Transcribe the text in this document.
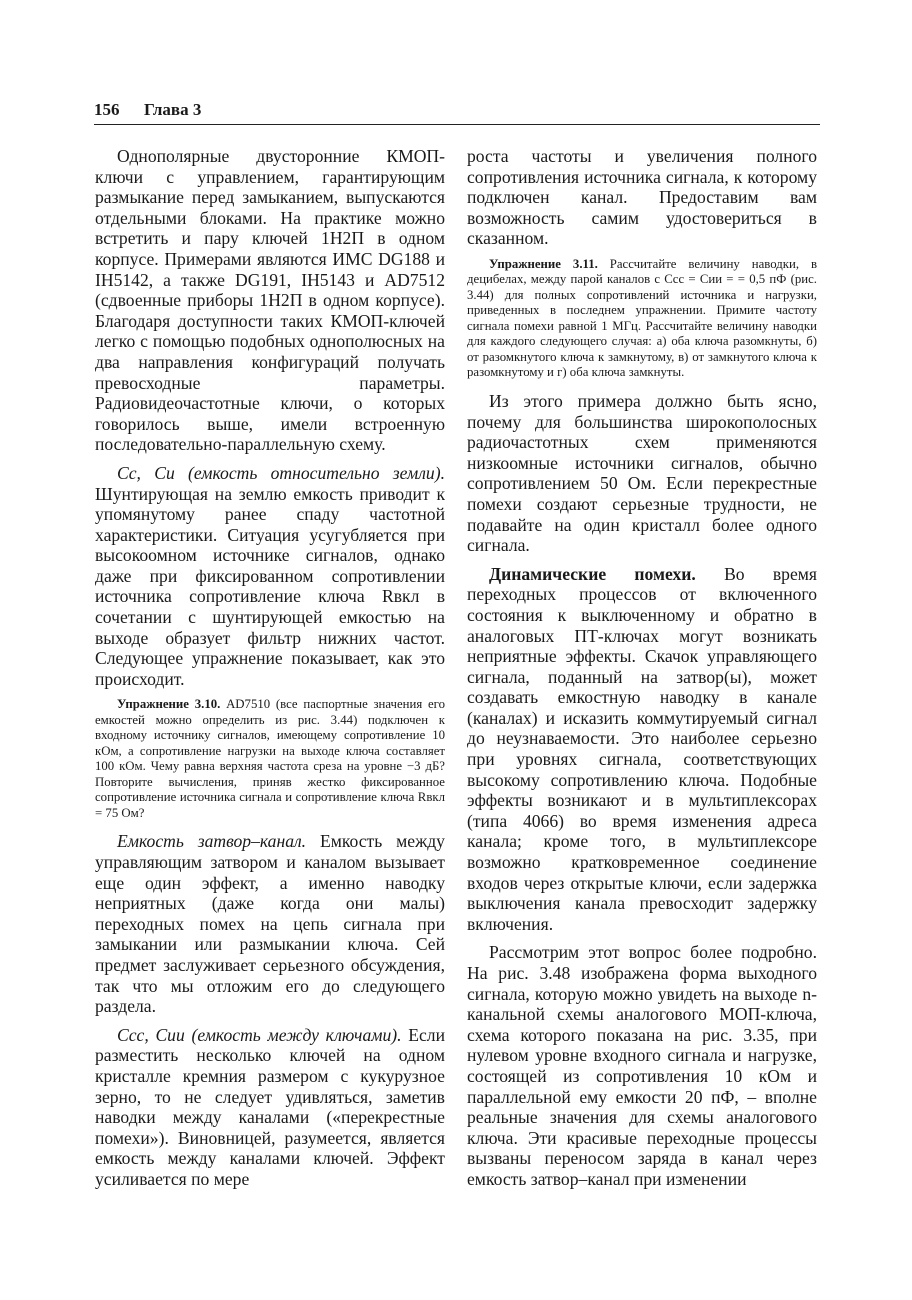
156 Глава 3

Однополярные двусторонние КМОП-ключи с управлением, гарантирующим размыкание перед замыканием, выпускаются отдельными блоками. На практике можно встретить и пару ключей 1Н2П в одном корпусе. Примерами являются ИМС DG188 и IH5142, а также DG191, IH5143 и AD7512 (сдвоенные приборы 1Н2П в одном корпусе). Благодаря доступности таких КМОП-ключей легко с помощью подобных однополюсных на два направления конфигураций получать превосходные параметры. Радиовидеочастотные ключи, о которых говорилось выше, имели встроенную последовательно-параллельную схему.

Cc, Cи (емкость относительно земли). Шунтирующая на землю емкость приводит к упомянутому ранее спаду частотной характеристики. Ситуация усугубляется при высокоомном источнике сигналов, однако даже при фиксированном сопротивлении источника сопротивление ключа Rвкл в сочетании с шунтирующей емкостью на выходе образует фильтр нижних частот. Следующее упражнение показывает, как это происходит.

Упражнение 3.10. AD7510 (все паспортные значения его емкостей можно определить из рис. 3.44) подключен к входному источнику сигналов, имеющему сопротивление 10 кОм, а сопротивление нагрузки на выходе ключа составляет 100 кОм. Чему равна верхняя частота среза на уровне −3 дБ? Повторите вычисления, приняв жестко фиксированное сопротивление источника сигнала и сопротивление ключа Rвкл = 75 Ом?

Емкость затвор–канал. Емкость между управляющим затвором и каналом вызывает еще один эффект, а именно наводку неприятных (даже когда они малы) переходных помех на цепь сигнала при замыкании или размыкании ключа. Сей предмет заслуживает серьезного обсуждения, так что мы отложим его до следующего раздела.

Ccc, Cии (емкость между ключами). Если разместить несколько ключей на одном кристалле кремния размером с кукурузное зерно, то не следует удивляться, заметив наводки между каналами («перекрестные помехи»). Виновницей, разумеется, является емкость между каналами ключей. Эффект усиливается по мере

роста частоты и увеличения полного сопротивления источника сигнала, к которому подключен канал. Предоставим вам возможность самим удостовериться в сказанном.

Упражнение 3.11. Рассчитайте величину наводки, в децибелах, между парой каналов с Ccc = Cии = = 0,5 пФ (рис. 3.44) для полных сопротивлений источника и нагрузки, приведенных в последнем упражнении. Примите частоту сигнала помехи равной 1 МГц. Рассчитайте величину наводки для каждого следующего случая: а) оба ключа разомкнуты, б) от разомкнутого ключа к замкнутому, в) от замкнутого ключа к разомкнутому и г) оба ключа замкнуты.

Из этого примера должно быть ясно, почему для большинства широкополосных радиочастотных схем применяются низкоомные источники сигналов, обычно сопротивлением 50 Ом. Если перекрестные помехи создают серьезные трудности, не подавайте на один кристалл более одного сигнала.

Динамические помехи. Во время переходных процессов от включенного состояния к выключенному и обратно в аналоговых ПТ-ключах могут возникать неприятные эффекты. Скачок управляющего сигнала, поданный на затвор(ы), может создавать емкостную наводку в канале (каналах) и исказить коммутируемый сигнал до неузнаваемости. Это наиболее серьезно при уровнях сигнала, соответствующих высокому сопротивлению ключа. Подобные эффекты возникают и в мультиплексорах (типа 4066) во время изменения адреса канала; кроме того, в мультиплексоре возможно кратковременное соединение входов через открытые ключи, если задержка выключения канала превосходит задержку включения.

Рассмотрим этот вопрос более подробно. На рис. 3.48 изображена форма выходного сигнала, которую можно увидеть на выходе n-канальной схемы аналогового МОП-ключа, схема которого показана на рис. 3.35, при нулевом уровне входного сигнала и нагрузке, состоящей из сопротивления 10 кОм и параллельной ему емкости 20 пФ, – вполне реальные значения для схемы аналогового ключа. Эти красивые переходные процессы вызваны переносом заряда в канал через емкость затвор–канал при изменении
